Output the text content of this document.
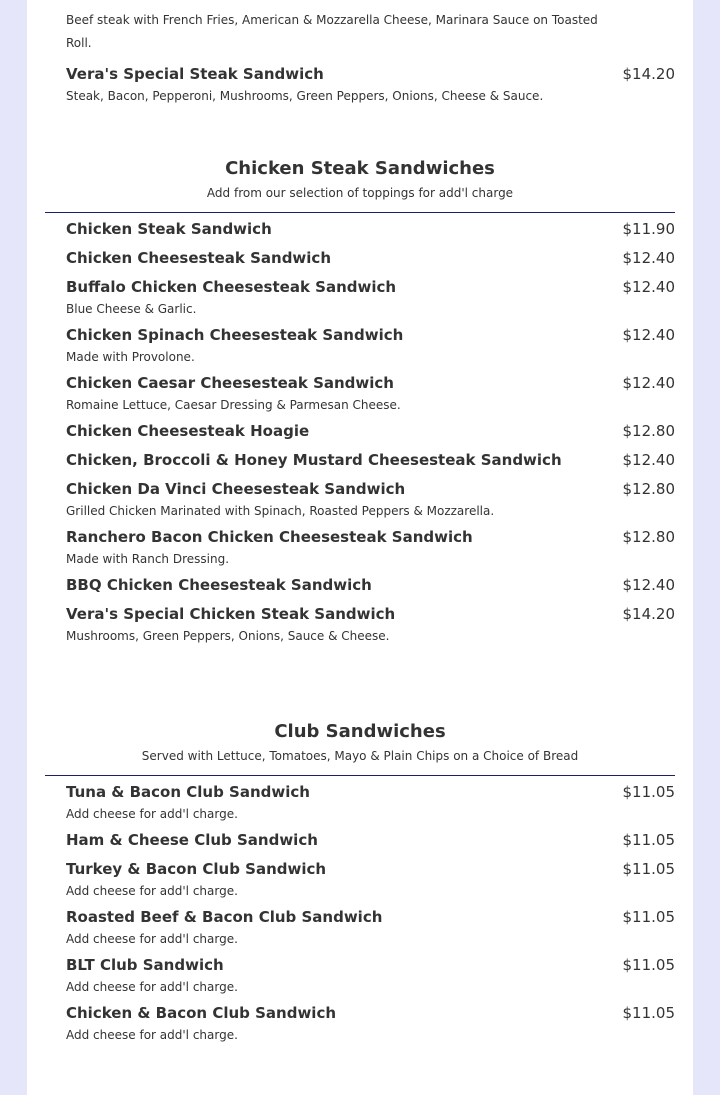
Beef steak with French Fries, American & Mozzarella Cheese, Marinara Sauce on Toasted Roll.
Vera's Special Steak Sandwich	$14.20
Steak, Bacon, Pepperoni, Mushrooms, Green Peppers, Onions, Cheese & Sauce.
Chicken Steak Sandwiches
Add from our selection of toppings for add'l charge
Chicken Steak Sandwich	$11.90
Chicken Cheesesteak Sandwich	$12.40
Buffalo Chicken Cheesesteak Sandwich	$12.40
Blue Cheese & Garlic.
Chicken Spinach Cheesesteak Sandwich	$12.40
Made with Provolone.
Chicken Caesar Cheesesteak Sandwich	$12.40
Romaine Lettuce, Caesar Dressing & Parmesan Cheese.
Chicken Cheesesteak Hoagie	$12.80
Chicken, Broccoli & Honey Mustard Cheesesteak Sandwich	$12.40
Chicken Da Vinci Cheesesteak Sandwich	$12.80
Grilled Chicken Marinated with Spinach, Roasted Peppers & Mozzarella.
Ranchero Bacon Chicken Cheesesteak Sandwich	$12.80
Made with Ranch Dressing.
BBQ Chicken Cheesesteak Sandwich	$12.40
Vera's Special Chicken Steak Sandwich	$14.20
Mushrooms, Green Peppers, Onions, Sauce & Cheese.
Club Sandwiches
Served with Lettuce, Tomatoes, Mayo & Plain Chips on a Choice of Bread
Tuna & Bacon Club Sandwich	$11.05
Add cheese for add'l charge.
Ham & Cheese Club Sandwich	$11.05
Turkey & Bacon Club Sandwich	$11.05
Add cheese for add'l charge.
Roasted Beef & Bacon Club Sandwich	$11.05
Add cheese for add'l charge.
BLT Club Sandwich	$11.05
Add cheese for add'l charge.
Chicken & Bacon Club Sandwich	$11.05
Add cheese for add'l charge.
